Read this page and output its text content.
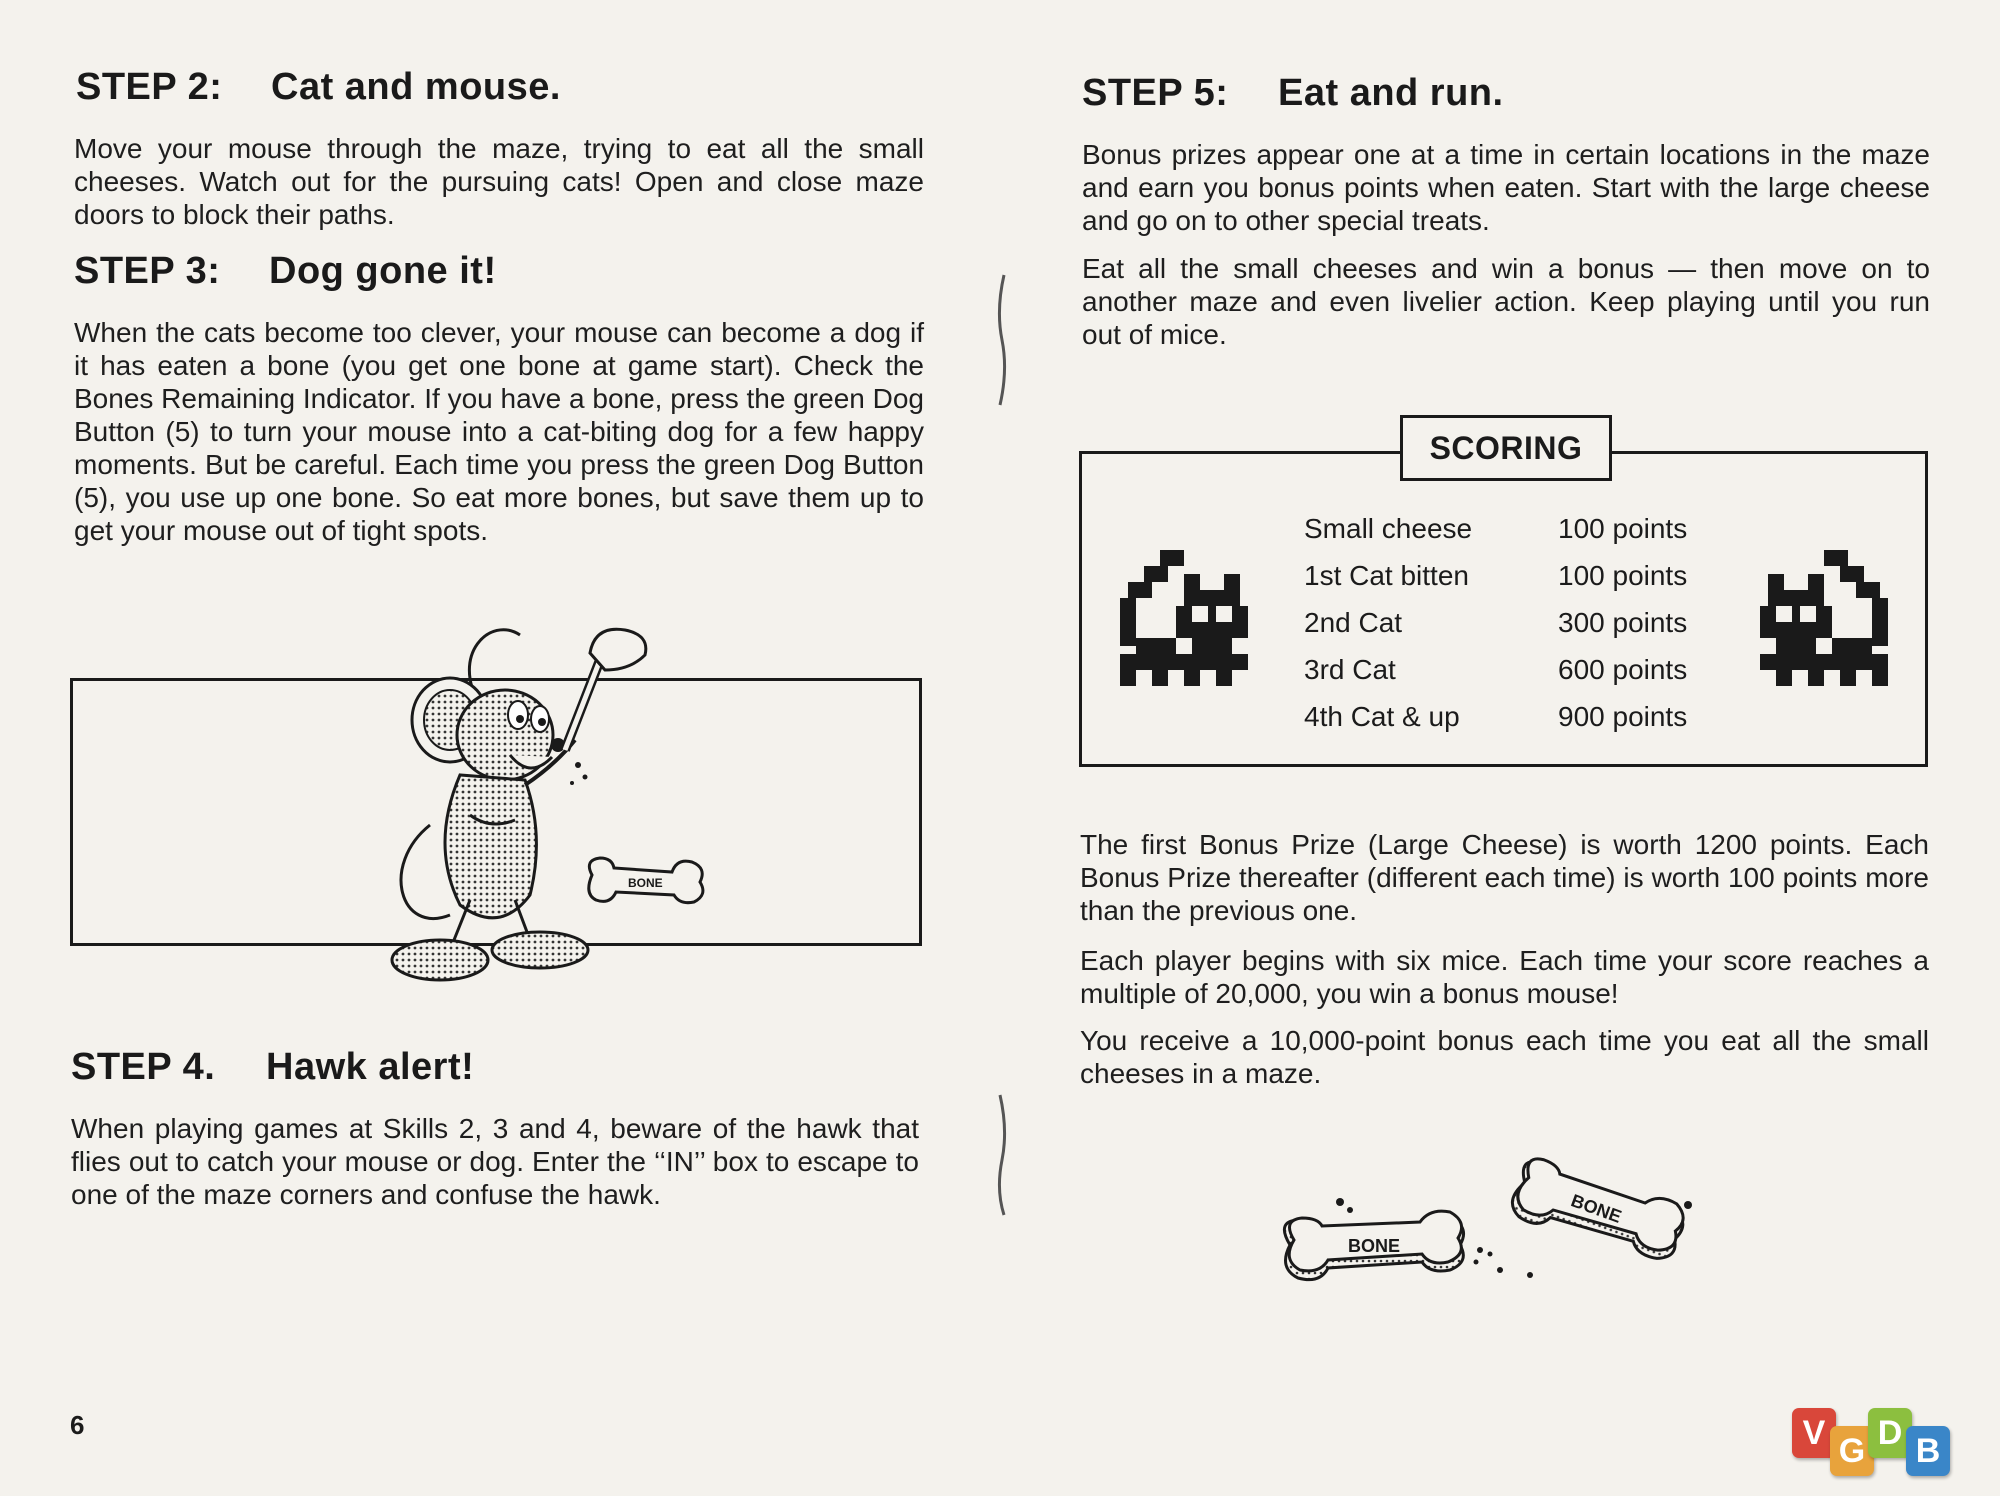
STEP 2: Cat and mouse.

Move your mouse through the maze, trying to eat all the small cheeses. Watch out for the pursuing cats! Open and close maze doors to block their paths.

STEP 3: Dog gone it!

When the cats become too clever, your mouse can become a dog if it has eaten a bone (you get one bone at game start). Check the Bones Remaining Indicator. If you have a bone, press the green Dog Button (5) to turn your mouse into a cat-biting dog for a few happy moments. But be careful. Each time you press the green Dog Button (5), you use up one bone. So eat more bones, but save them up to get your mouse out of tight spots.

BONE
STEP 4. Hawk alert!

When playing games at Skills 2, 3 and 4, beware of the hawk that flies out to catch your mouse or dog. Enter the ‘‘IN’’ box to escape to one of the maze corners and confuse the hawk.

6
STEP 5: Eat and run.

Bonus prizes appear one at a time in certain locations in the maze and earn you bonus points when eaten. Start with the large cheese and go on to other special treats.

Eat all the small cheeses and win a bonus — then move on to another maze and even livelier action. Keep playing until you run out of mice.

SCORING
Small cheese	100 points
1st Cat bitten	100 points
2nd Cat	300 points
3rd Cat	600 points
4th Cat & up	900 points

The first Bonus Prize (Large Cheese) is worth 1200 points. Each Bonus Prize thereafter (different each time) is worth 100 points more than the previous one.

Each player begins with six mice. Each time your score reaches a multiple of 20,000, you win a bonus mouse!

You receive a 10,000-point bonus each time you eat all the small cheeses in a maze.

BONE
BONE
V G D B
